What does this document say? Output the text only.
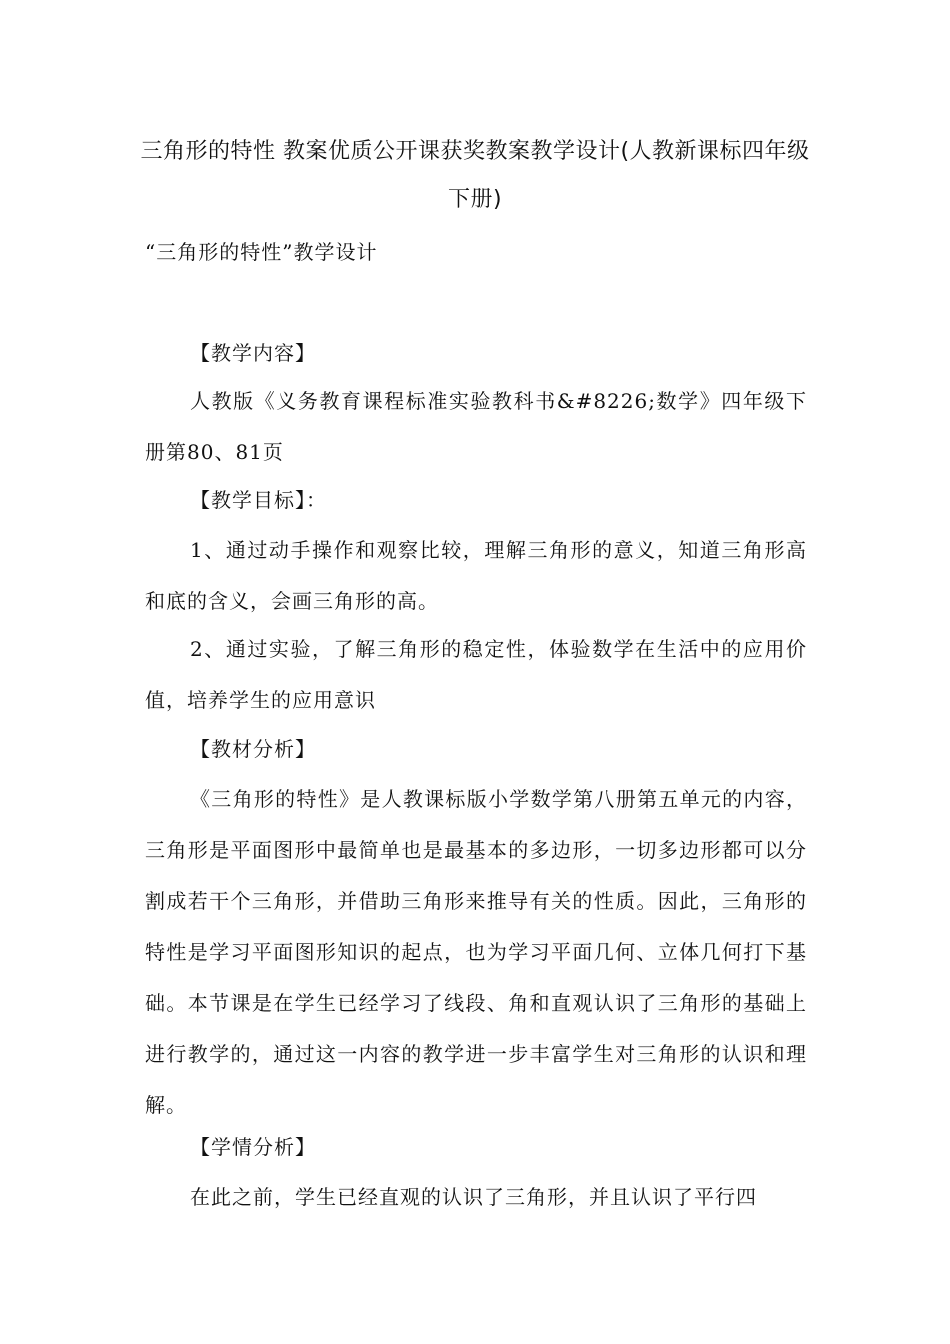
三角形的特性 教案优质公开课获奖教案教学设计(人教新课标四年级下册)
“三角形的特性”教学设计
【教学内容】
人教版《义务教育课程标准实验教科书&#8226;数学》四年级下册第80、81页
【教学目标】：
1、通过动手操作和观察比较，理解三角形的意义，知道三角形高和底的含义，会画三角形的高。
2、通过实验，了解三角形的稳定性，体验数学在生活中的应用价值，培养学生的应用意识
【教材分析】
《三角形的特性》是人教课标版小学数学第八册第五单元的内容，三角形是平面图形中最简单也是最基本的多边形，一切多边形都可以分割成若干个三角形，并借助三角形来推导有关的性质。因此，三角形的特性是学习平面图形知识的起点，也为学习平面几何、立体几何打下基础。本节课是在学生已经学习了线段、角和直观认识了三角形的基础上进行教学的，通过这一内容的教学进一步丰富学生对三角形的认识和理解。
【学情分析】
在此之前，学生已经直观的认识了三角形，并且认识了平行四
